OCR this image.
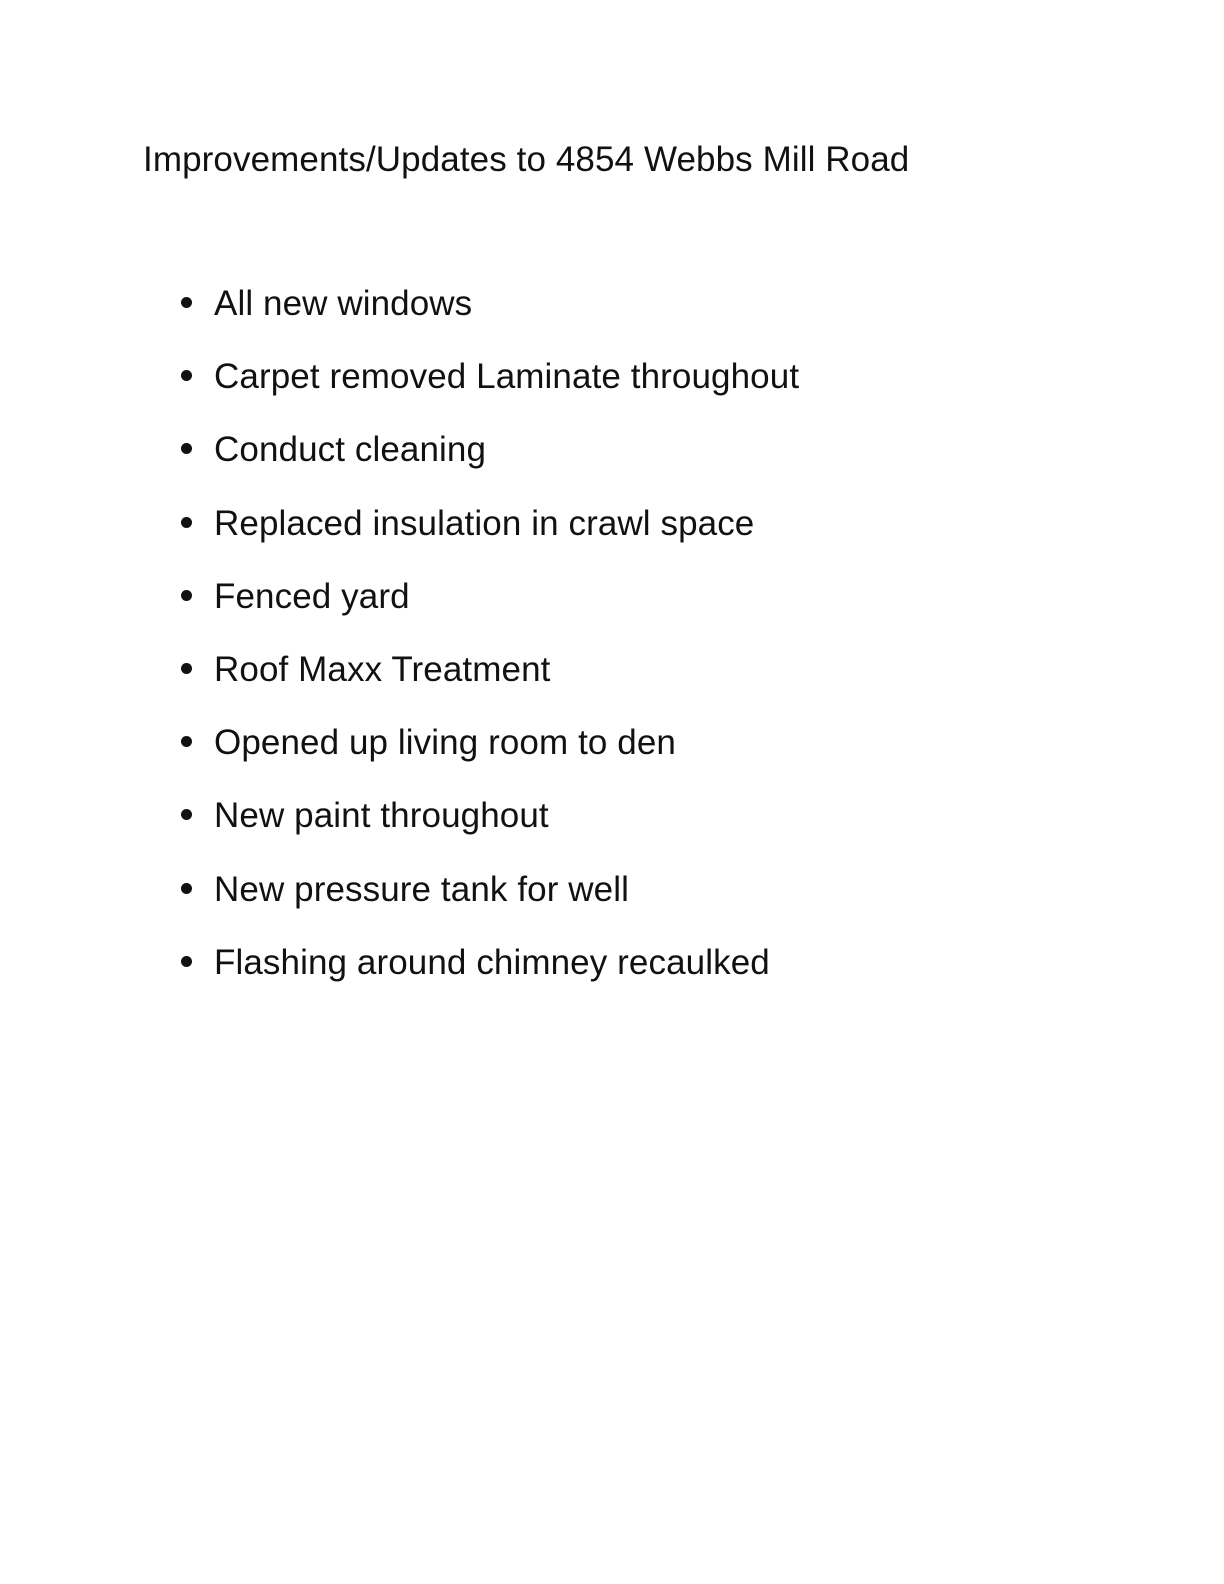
Improvements/Updates to 4854 Webbs Mill Road
All new windows
Carpet removed Laminate throughout
Conduct cleaning
Replaced insulation in crawl space
Fenced yard
Roof Maxx Treatment
Opened up living room to den
New paint throughout
New pressure tank for well
Flashing around chimney recaulked
